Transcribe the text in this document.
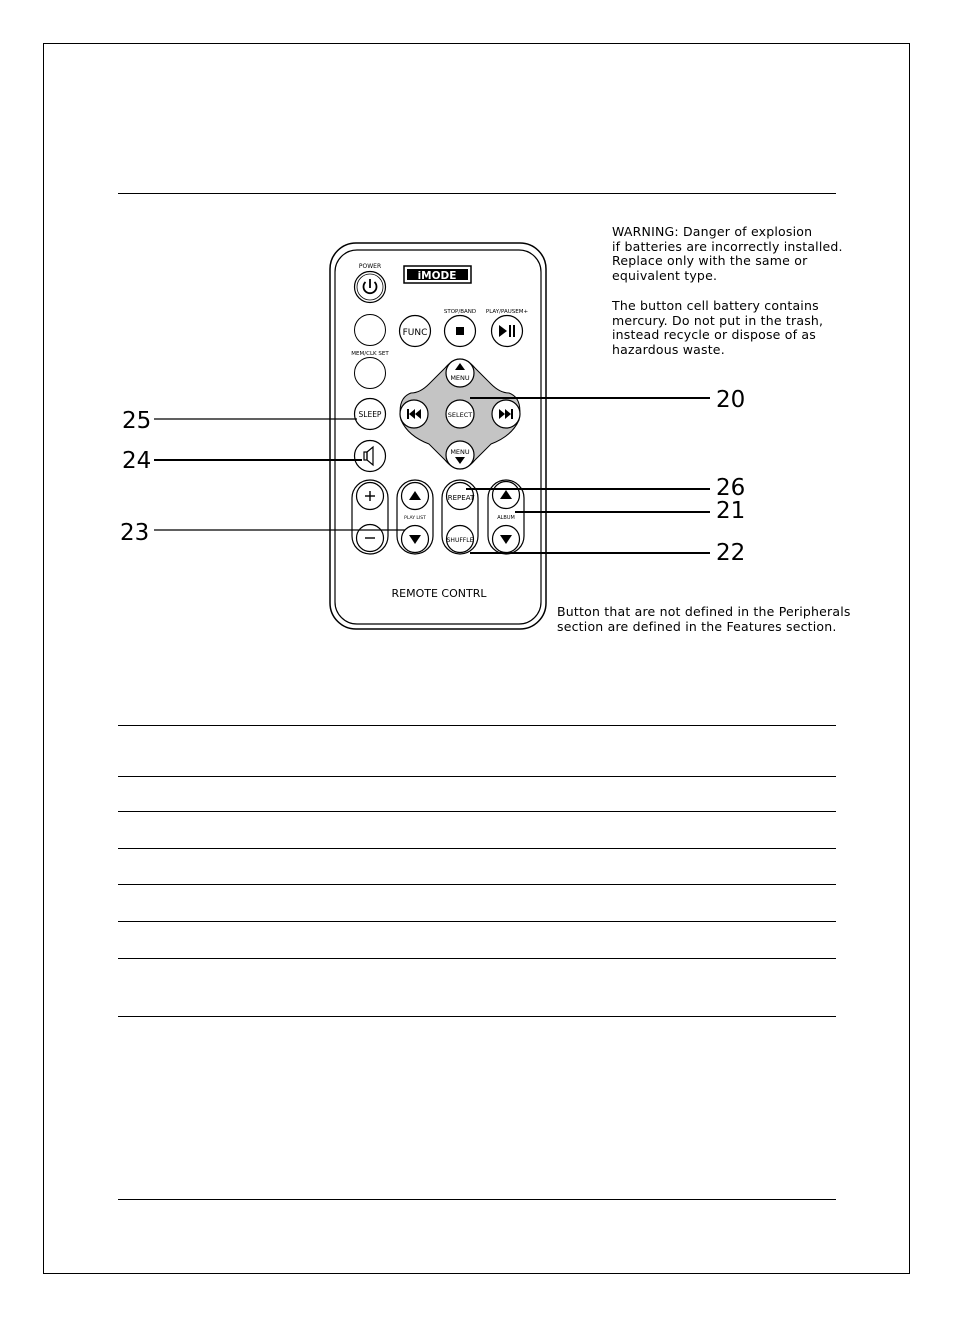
WARNING: Danger of explosion

if batteries are incorrectly installed.

Replace only with the same or

equivalent type.

The button cell battery contains

mercury. Do not put in the trash,

instead recycle or dispose of as

hazardous waste.

Button that are not defined in the Peripherals

section are defined in the Features section.

iMODE
POWER
FUNC
STOP/BAND PLAY/PAUSEM+
MEM/CLK SET
SLEEP
MENU
SELECT
MENU
PLAY LIST
REPEAT
SHUFFLE
ALBUM
REMOTE CONTRL
20
25
24
26
21
23
22
